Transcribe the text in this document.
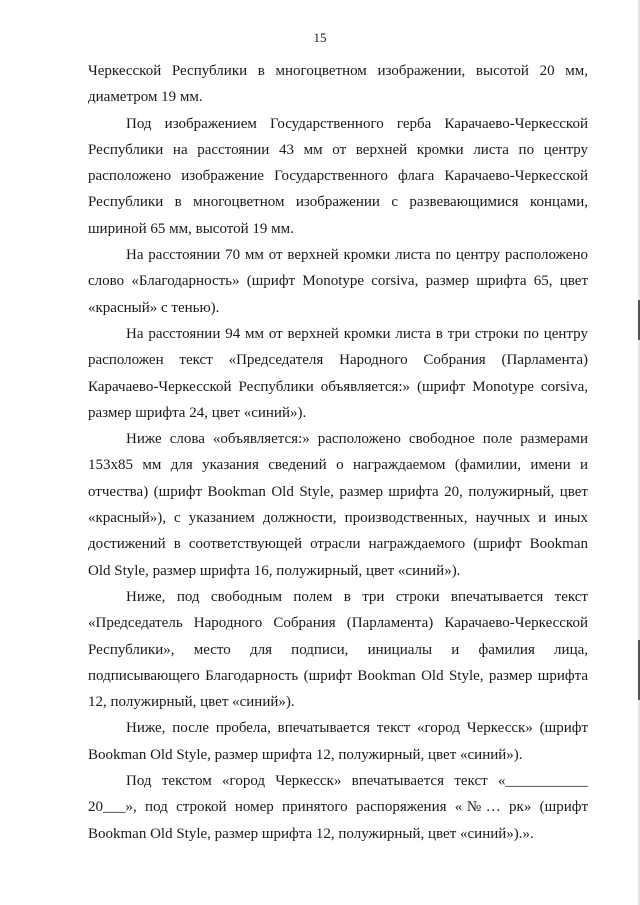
15

Черкесской Республики в многоцветном изображении, высотой 20 мм, диаметром 19 мм.

Под изображением Государственного герба Карачаево-Черкесской Республики на расстоянии 43 мм от верхней кромки листа по центру расположено изображение Государственного флага Карачаево-Черкесской Республики в многоцветном изображении с развевающимися концами, шириной 65 мм, высотой 19 мм.

На расстоянии 70 мм от верхней кромки листа по центру расположено слово «Благодарность» (шрифт Monotype corsiva, размер шрифта 65, цвет «красный» с тенью).

На расстоянии 94 мм от верхней кромки листа в три строки по центру расположен текст «Председателя Народного Собрания (Парламента) Карачаево-Черкесской Республики объявляется:» (шрифт Monotype corsiva, размер шрифта 24, цвет «синий»).

Ниже слова «объявляется:» расположено свободное поле размерами 153х85 мм для указания сведений о награждаемом (фамилии, имени и отчества) (шрифт Bookman Old Style, размер шрифта 20, полужирный, цвет «красный»), с указанием должности, производственных, научных и иных достижений в соответствующей отрасли награждаемого (шрифт Bookman Old Style, размер шрифта 16, полужирный, цвет «синий»).

Ниже, под свободным полем в три строки впечатывается текст «Председатель Народного Собрания (Парламента) Карачаево-Черкесской Республики», место для подписи, инициалы и фамилия лица, подписывающего Благодарность (шрифт Bookman Old Style, размер шрифта 12, полужирный, цвет «синий»).

Ниже, после пробела, впечатывается текст «город Черкесск» (шрифт Bookman Old Style, размер шрифта 12, полужирный, цвет «синий»).

Под текстом «город Черкесск» впечатывается текст «___________ 20___», под строкой номер принятого распоряжения «№… рк» (шрифт Bookman Old Style, размер шрифта 12, полужирный, цвет «синий»).».
